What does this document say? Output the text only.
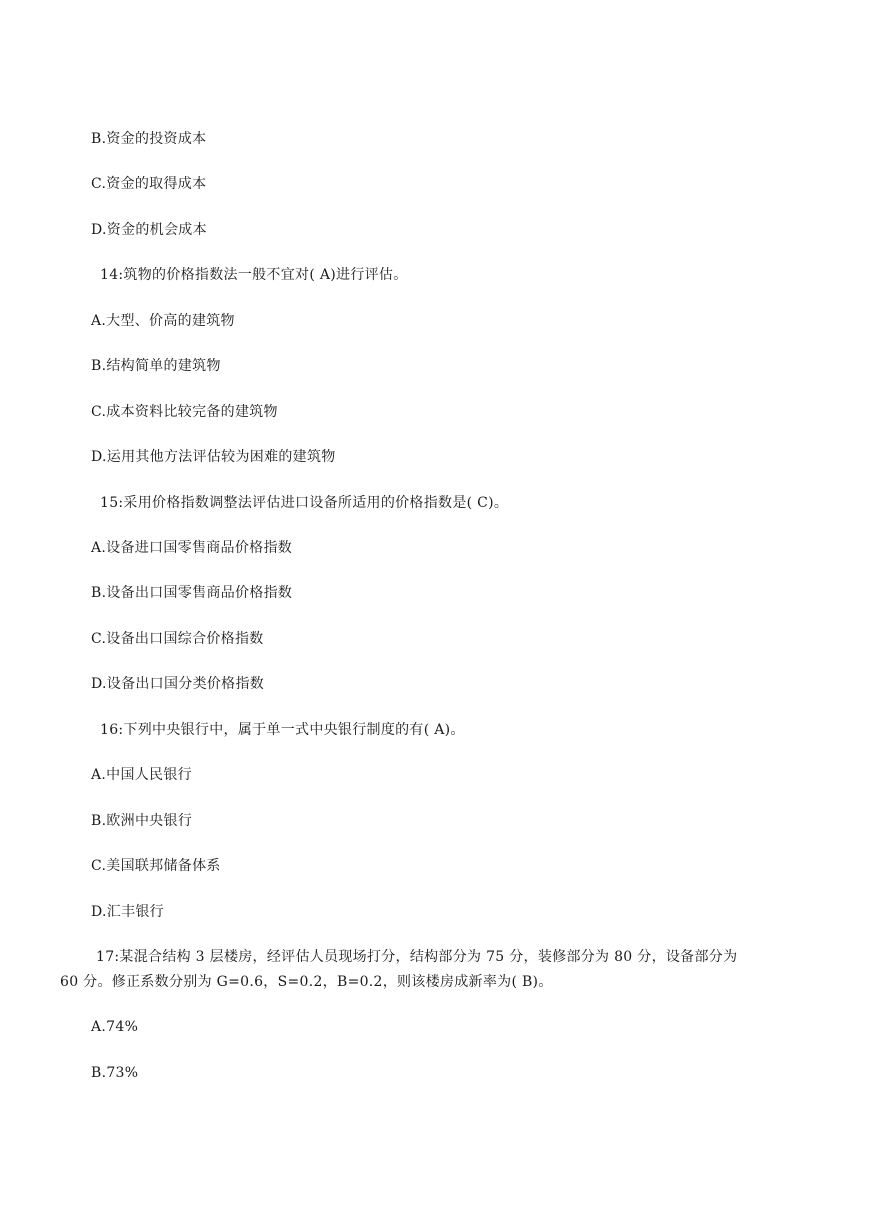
B.资金的投资成本
C.资金的取得成本
D.资金的机会成本
14:筑物的价格指数法一般不宜对( A)进行评估。
A.大型、价高的建筑物
B.结构简单的建筑物
C.成本资料比较完备的建筑物
D.运用其他方法评估较为困难的建筑物
15:采用价格指数调整法评估进口设备所适用的价格指数是( C)。
A.设备进口国零售商品价格指数
B.设备出口国零售商品价格指数
C.设备出口国综合价格指数
D.设备出口国分类价格指数
16:下列中央银行中，属于单一式中央银行制度的有( A)。
A.中国人民银行
B.欧洲中央银行
C.美国联邦储备体系
D.汇丰银行
17:某混合结构 3 层楼房，经评估人员现场打分，结构部分为 75 分，装修部分为 80 分，设备部分为
60 分。修正系数分别为 G=0.6，S=0.2，B=0.2，则该楼房成新率为( B)。
A.74%
B.73%
